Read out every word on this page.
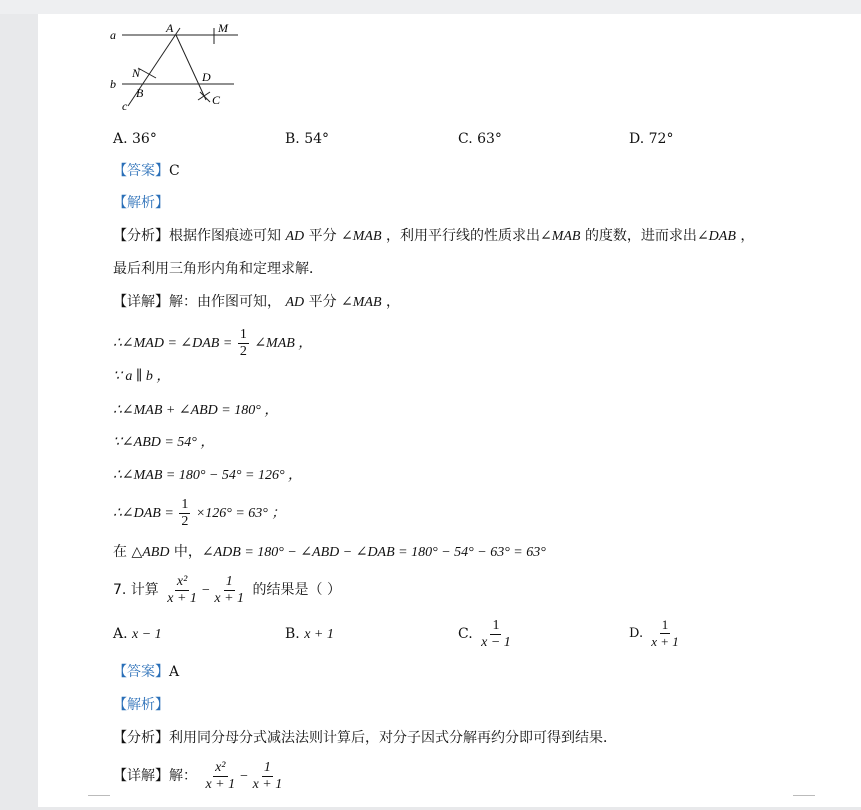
a	A	M
N	D
b
B	C
c
A. 36°	B. 54°	C. 63°	D. 72°
【答案】C
【解析】
【分析】根据作图痕迹可知 AD 平分 ∠MAB ，利用平行线的性质求出∠MAB 的度数，进而求出∠DAB ，
最后利用三角形内角和定理求解．
【详解】解：由作图可知， AD 平分 ∠MAB ，
∴∠MAD = ∠DAB = $\frac{1}{2}$ ∠MAB ，
∵ a ∥ b ，
∴∠MAB + ∠ABD = 180° ，
∵∠ABD = 54° ，
∴∠MAB = 180° − 54° = 126° ，
∴∠DAB = $\frac{1}{2} \times 126^\circ = 63^\circ$ ；
在 △ABD 中，∠ADB = 180° − ∠ABD − ∠DAB = 180° − 54° − 63° = 63°
7. 计算 $\frac{\text{x²}}{x + 1} - \frac{1}{x + 1}$ 的结果是（ ）
A. x − 1	B. x + 1	C. $\frac{1}{x - 1}$	D. $\frac{1}{x + 1}$
【答案】A
【解析】
【分析】利用同分母分式减法法则计算后，对分子因式分解再约分即可得到结果．
【详解】解： $\frac{\text{x²}}{x + 1} - \frac{1}{x + 1}$
